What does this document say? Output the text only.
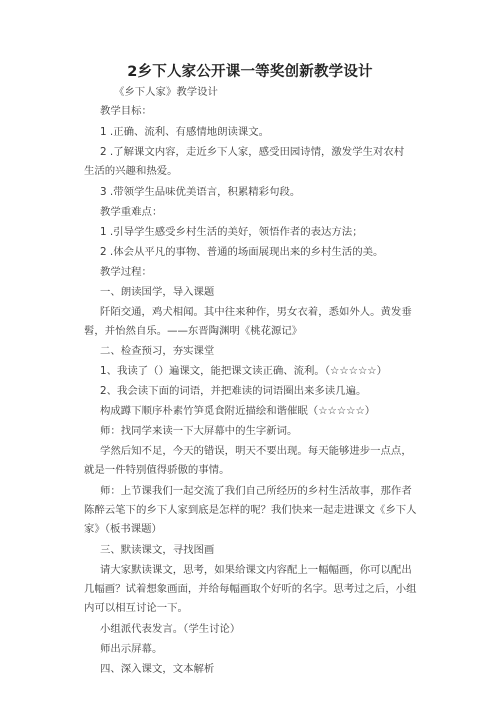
2乡下人家公开课一等奖创新教学设计
《乡下人家》教学设计
教学目标：
1 .正确、流利、有感情地朗读课文。
2 .了解课文内容，走近乡下人家，感受田园诗情，激发学生对农村
生活的兴趣和热爱。
3 .带领学生品味优美语言，积累精彩句段。
教学重难点：
1 .引导学生感受乡村生活的美好，领悟作者的表达方法；
2 .体会从平凡的事物、普通的场面展现出来的乡村生活的美。
教学过程：
一、朗读国学，导入课题
阡陌交通，鸡犬相闻。其中往来种作，男女衣着，悉如外人。黄发垂
髫，并怡然自乐。——东晋陶渊明《桃花源记》
二、检查预习，夯实课堂
1、我读了（）遍课文，能把课文读正确、流利。（☆☆☆☆☆）
2、我会读下面的词语，并把难读的词语圈出来多读几遍。
构成蹲下顺序朴素竹笋觅食附近描绘和谐催眠（☆☆☆☆☆）
师：找同学来读一下大屏幕中的生字新词。
学然后知不足，今天的错误，明天不要出现。每天能够进步一点点，
就是一件特别值得骄傲的事情。
师：上节课我们一起交流了我们自己所经历的乡村生活故事，那作者
陈醉云笔下的乡下人家到底是怎样的呢？我们快来一起走进课文《乡下人
家》（板书课题）
三、默读课文，寻找图画
请大家默读课文，思考，如果给课文内容配上一幅幅画，你可以配出
几幅画？试着想象画面，并给每幅画取个好听的名字。思考过之后，小组
内可以相互讨论一下。
小组派代表发言。（学生讨论）
师出示屏幕。
四、深入课文，文本解析
